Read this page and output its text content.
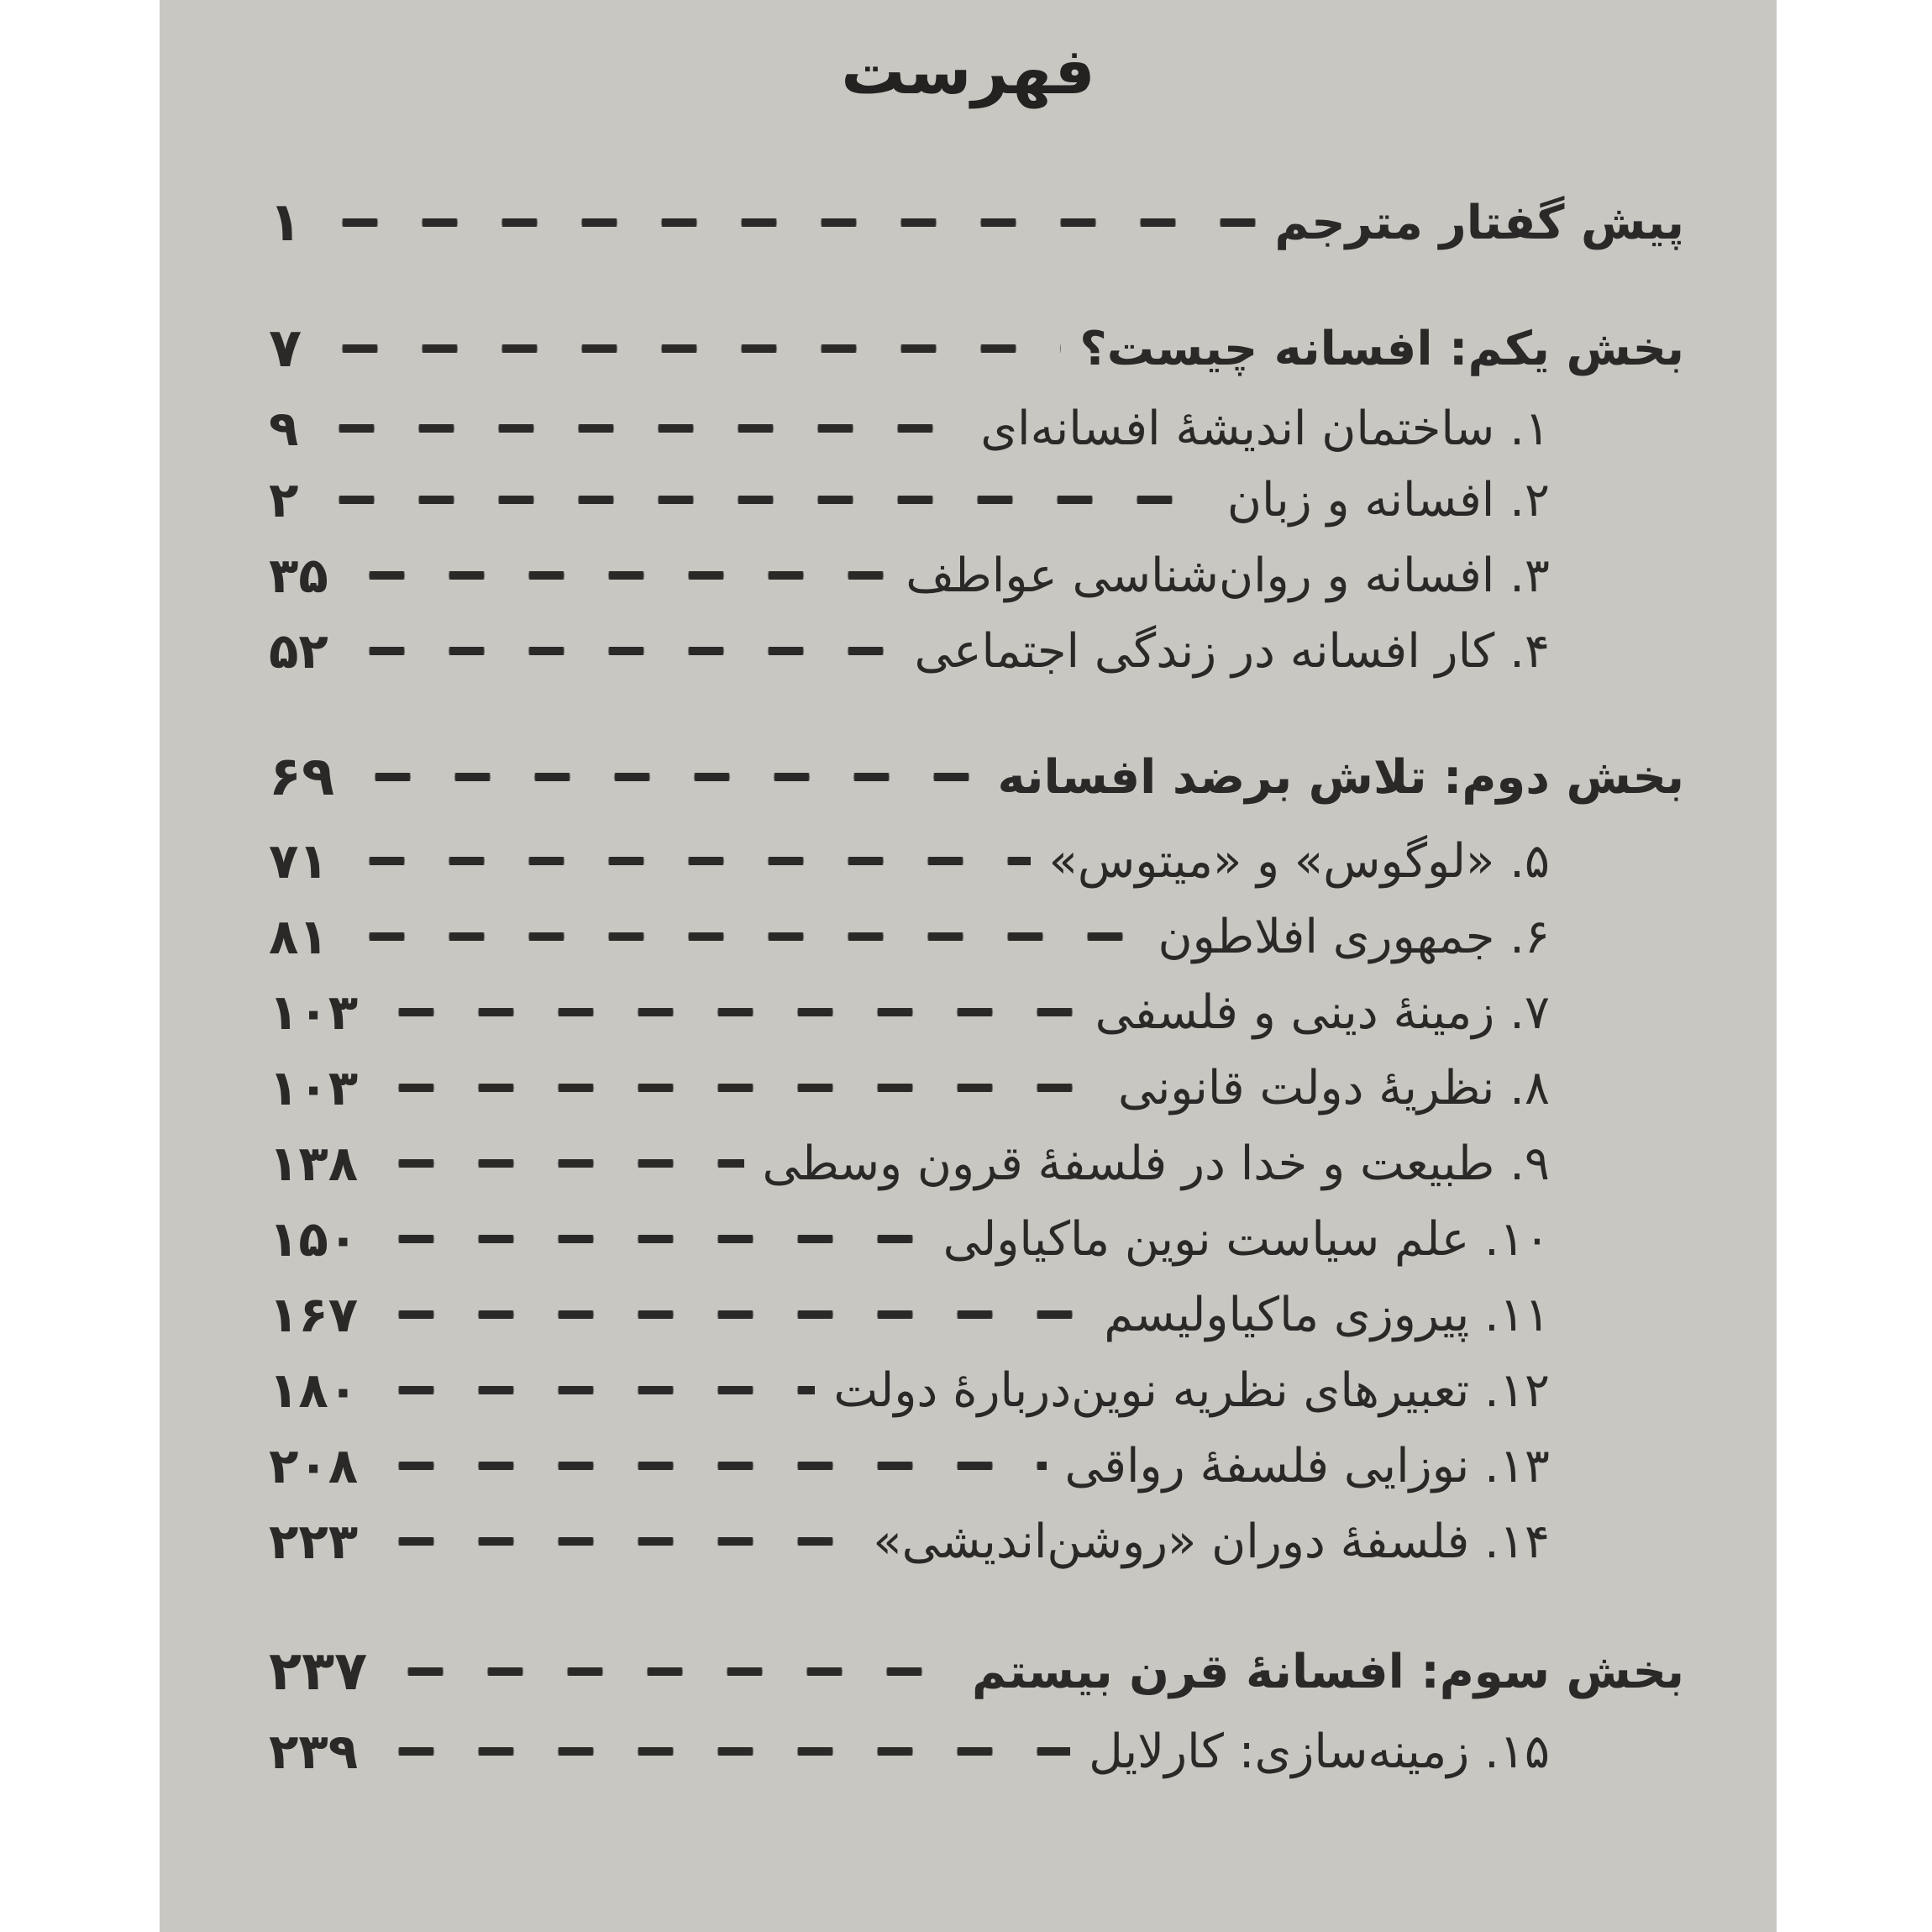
فهرست
پیش گفتار مترجم
۱
بخش یکم: افسانه چیست؟
۷
۱. ساختمان اندیشهٔ افسانه‌ای
۹
۲. افسانه و زبان
۲
۳. افسانه و روان‌شناسی عواطف
۳۵
۴. کار افسانه در زندگی اجتماعی
۵۲
بخش دوم: تلاش برضد افسانه
۶۹
۵. «لوگوس» و «میتوس»
۷۱
۶. جمهوری افلاطون
۸۱
۷. زمینهٔ دینی و فلسفی
۱۰۳
۸. نظریهٔ دولت قانونی
۱۰۳
۹. طبیعت و خدا در فلسفهٔ قرون وسطی
۱۳۸
۱۰. علم سیاست نوین ماکیاولی
۱۵۰
۱۱. پیروزی ماکیاولیسم
۱۶۷
۱۲. تعبیرهای نظریه نوین‌دربارهٔ دولت
۱۸۰
۱۳. نوزایی فلسفهٔ رواقی
۲۰۸
۱۴. فلسفهٔ دوران «روشن‌اندیشی»
۲۲۳
بخش سوم: افسانهٔ قرن بیستم
۲۳۷
۱۵. زمینه‌سازی: کارلایل
۲۳۹
